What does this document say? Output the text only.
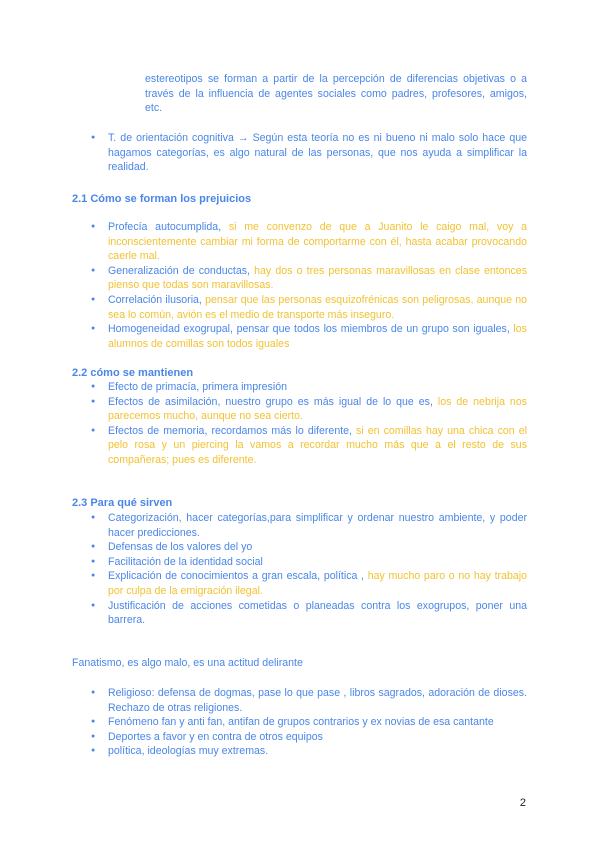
estereotipos se forman a partir de la percepción de diferencias objetivas o a través de la influencia de agentes sociales como padres, profesores, amigos, etc.

● T. de orientación cognitiva → Según esta teoría no es ni bueno ni malo solo hace que hagamos categorías, es algo natural de las personas, que nos ayuda a simplificar la realidad.
2.1 Cómo se forman los prejuicios
● Profecía autocumplida, si me convenzo de que a Juanito le caigo mal, voy a inconscientemente cambiar mi forma de comportarme con él, hasta acabar provocando caerle mal.
● Generalización de conductas, hay dos o tres personas maravillosas en clase entonces pienso que todas son maravillosas.
● Correlación ilusoria, pensar que las personas esquizofrénicas son peligrosas, aunque no sea lo común, avión es el medio de transporte más inseguro.
● Homogeneidad exogrupal, pensar que todos los miembros de un grupo son iguales, los alumnos de comillas son todos iguales
2.2 cómo se mantienen
● Efecto de primacía, primera impresión
● Efectos de asimilación, nuestro grupo es más igual de lo que es, los de nebrija nos parecemos mucho, aunque no sea cierto.
● Efectos de memoria, recordamos más lo diferente, si en comillas hay una chica con el pelo rosa y un piercing la vamos a recordar mucho más que a el resto de sus compañeras; pues es diferente.
2.3 Para qué sirven
● Categorización, hacer categorías,para simplificar y ordenar nuestro ambiente, y poder hacer predicciones.
● Defensas de los valores del yo
● Facilitación de la identidad social
● Explicación de conocimientos a gran escala, política , hay mucho paro o no hay trabajo por culpa de la emigración ilegal.
● Justificación de acciones cometidas o planeadas contra los exogrupos, poner una barrera.

Fanatismo, es algo malo, es una actitud delirante

● Religioso: defensa de dogmas, pase lo que pase , libros sagrados, adoración de dioses. Rechazo de otras religiones.
● Fenómeno fan y anti fan, antifan de grupos contrarios y ex novias de esa cantante
● Deportes a favor y en contra de otros equipos
● política, ideologías muy extremas.
2
